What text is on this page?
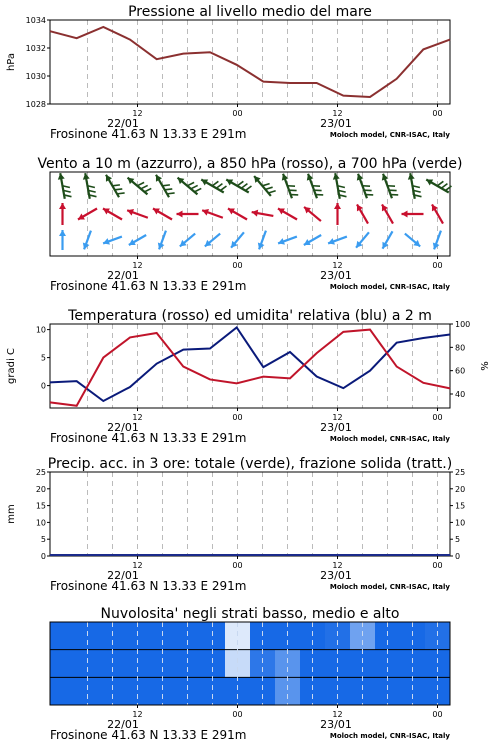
Pressione al livello medio del mare
1028
1030
1032
1034
hPa
12	00	12	00
22/01	23/01
Frosinone 41.63 N 13.33 E 291m	Moloch model, CNR-ISAC, Italy
Vento a 10 m (azzurro), a 850 hPa (rosso), a 700 hPa (verde)
12	00	12	00
22/01	23/01
Frosinone 41.63 N 13.33 E 291m	Moloch model, CNR-ISAC, Italy
Temperatura (rosso) ed umidita' relativa (blu) a 2 m
0
5
10
40
60
80
100
gradi C	%
12	00	12	00
22/01	23/01
Frosinone 41.63 N 13.33 E 291m	Moloch model, CNR-ISAC, Italy
Precip. acc. in 3 ore: totale (verde), frazione solida (tratt.)
0	0
5	5
10	10
15	15
20	20
25	25
mm
12	00	12	00
22/01	23/01
Frosinone 41.63 N 13.33 E 291m	Moloch model, CNR-ISAC, Italy
Nuvolosita' negli strati basso, medio e alto
12	00	12	00
22/01	23/01
Frosinone 41.63 N 13.33 E 291m	Moloch model, CNR-ISAC, Italy
